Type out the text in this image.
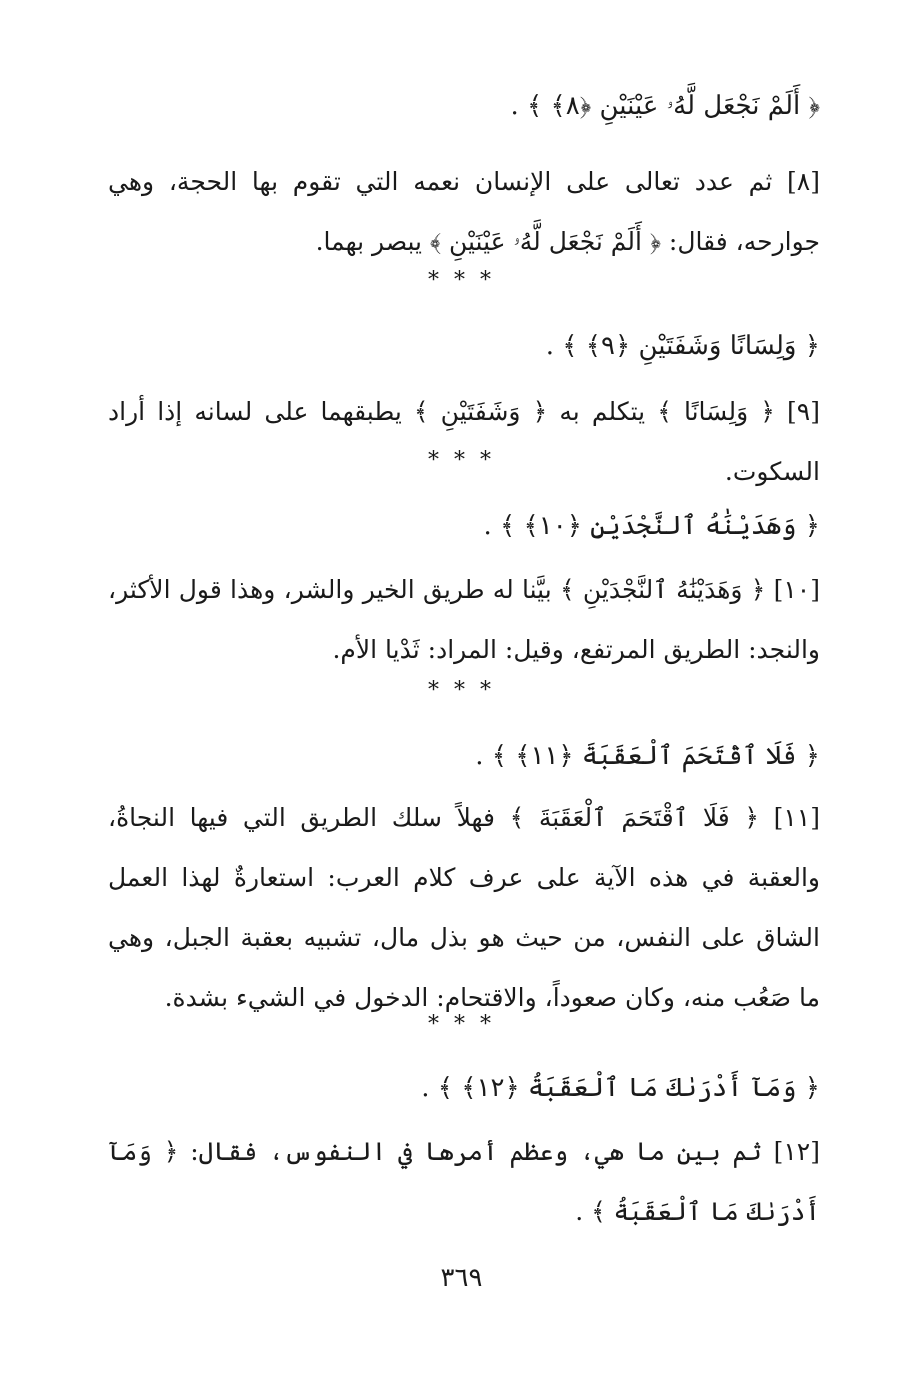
﴿ أَلَمْ نَجْعَل لَّهُۥ عَيْنَيْنِ ﴿٨﴾ ﴾ .
[٨] ثم عدد تعالى على الإنسان نعمه التي تقوم بها الحجة، وهي جوارحه، فقال: ﴿ أَلَمْ نَجْعَل لَّهُۥ عَيْنَيْنِ ﴾ يبصر بهما.
* * *
﴿ وَلِسَانًا وَشَفَتَيْنِ ﴿٩﴾ ﴾ .
[٩] ﴿ وَلِسَانًا ﴾ يتكلم به ﴿ وَشَفَتَيْنِ ﴾ يطبقهما على لسانه إذا أراد السكوت.
* * *
﴿ وَهَدَيْنَٰهُ ٱلنَّجْدَيْنِ ﴿١٠﴾ ﴾ .
[١٠] ﴿ وَهَدَيْنَٰهُ ٱلنَّجْدَيْنِ ﴾ بيَّنا له طريق الخير والشر، وهذا قول الأكثر، والنجد: الطريق المرتفع، وقيل: المراد: ثَدْيا الأم.
* * *
﴿ فَلَا ٱقْتَحَمَ ٱلْعَقَبَةَ ﴿١١﴾ ﴾ .
[١١] ﴿ فَلَا ٱقْتَحَمَ ٱلْعَقَبَةَ ﴾ فهلاً سلك الطريق التي فيها النجاةُ، والعقبة في هذه الآية على عرف كلام العرب: استعارةٌ لهذا العمل الشاق على النفس، من حيث هو بذل مال، تشبيه بعقبة الجبل، وهي ما صَعُب منه، وكان صعوداً، والاقتحام: الدخول في الشيء بشدة.
* * *
﴿ وَمَآ أَدْرَىٰكَ مَا ٱلْعَقَبَةُ ﴿١٢﴾ ﴾ .
[١٢] ثم بين ما هي، وعظم أمرها في النفوس، فقال: ﴿ وَمَآ أَدْرَىٰكَ مَا ٱلْعَقَبَةُ ﴾ .
٣٦٩
